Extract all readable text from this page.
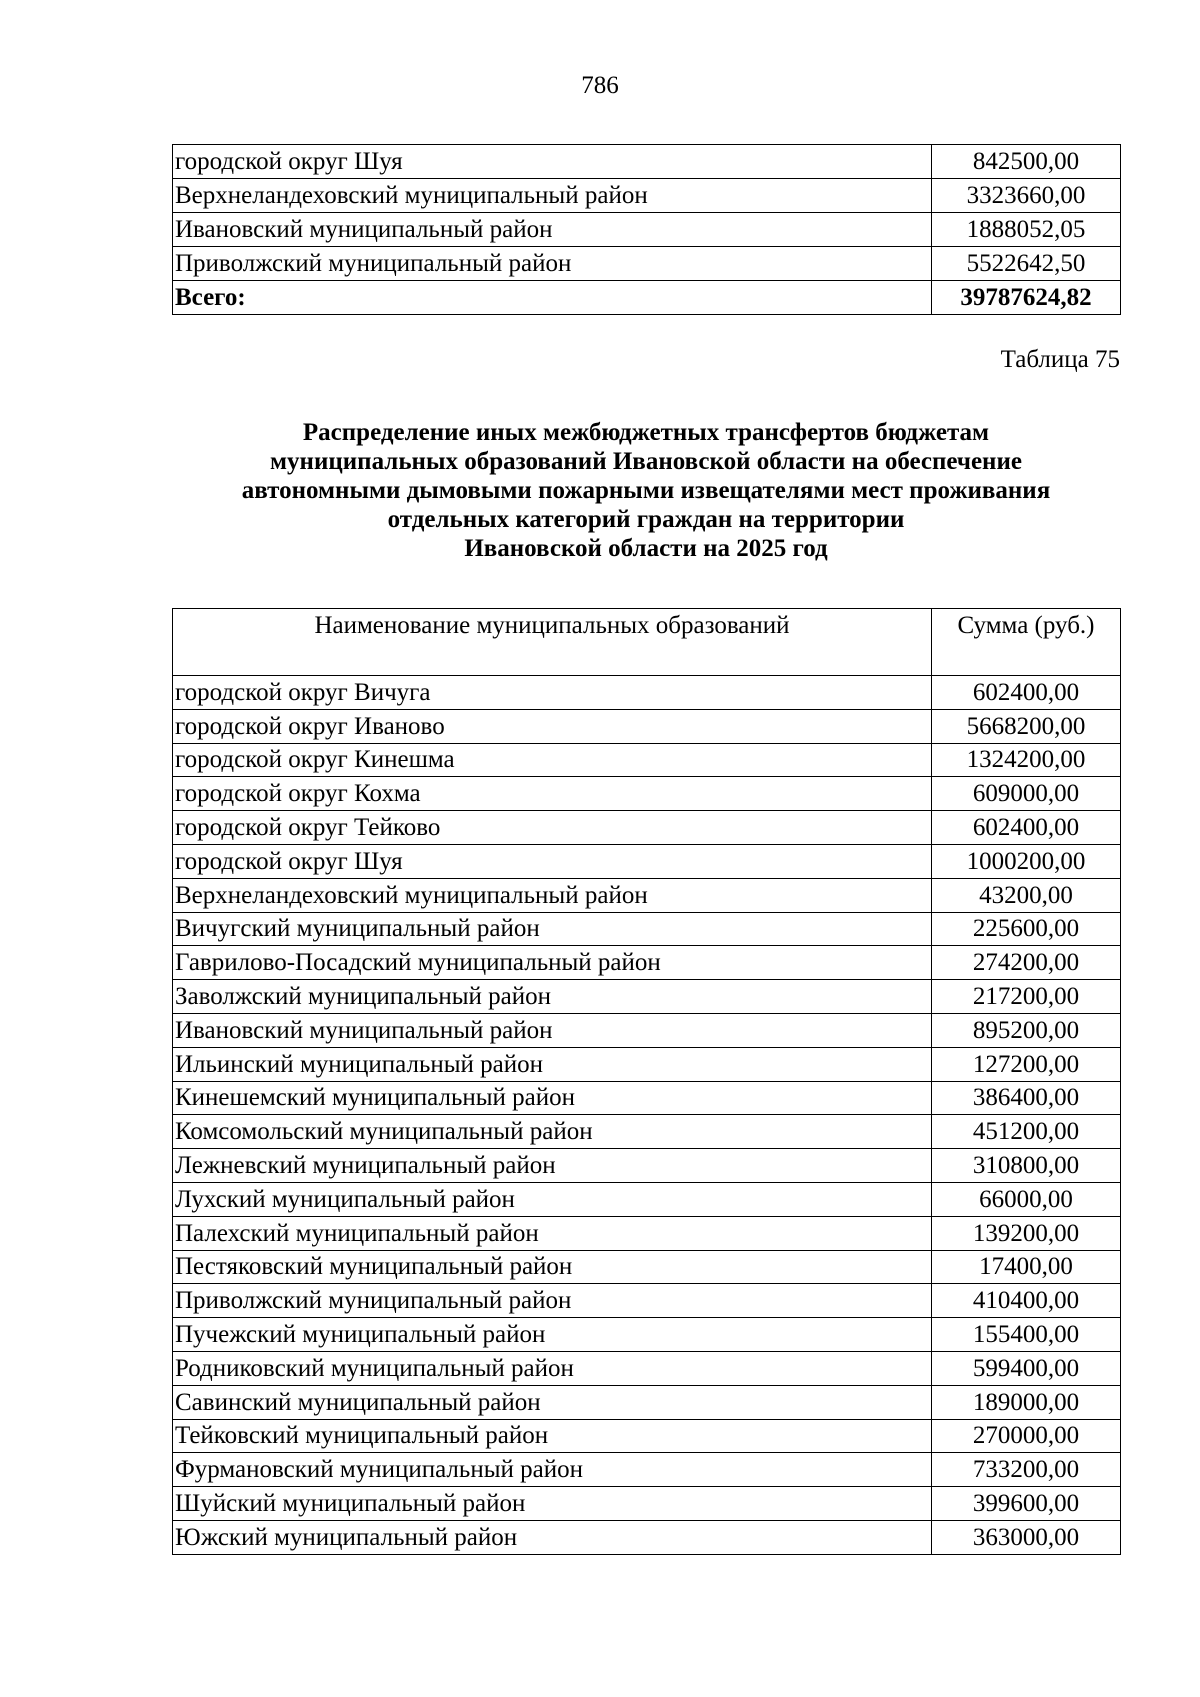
786
городской округ Шуя	842500,00
Верхнеландеховский муниципальный район	3323660,00
Ивановский муниципальный район	1888052,05
Приволжский муниципальный район	5522642,50
Всего:	39787624,82
Таблица 75
Распределение иных межбюджетных трансфертов бюджетам
муниципальных образований Ивановской области на обеспечение
автономными дымовыми пожарными извещателями мест проживания
отдельных категорий граждан на территории
Ивановской области на 2025 год
Наименование муниципальных образований	Сумма (руб.)
городской округ Вичуга	602400,00
городской округ Иваново	5668200,00
городской округ Кинешма	1324200,00
городской округ Кохма	609000,00
городской округ Тейково	602400,00
городской округ Шуя	1000200,00
Верхнеландеховский муниципальный район	43200,00
Вичугский муниципальный район	225600,00
Гаврилово-Посадский муниципальный район	274200,00
Заволжский муниципальный район	217200,00
Ивановский муниципальный район	895200,00
Ильинский муниципальный район	127200,00
Кинешемский муниципальный район	386400,00
Комсомольский муниципальный район	451200,00
Лежневский муниципальный район	310800,00
Лухский муниципальный район	66000,00
Палехский муниципальный район	139200,00
Пестяковский муниципальный район	17400,00
Приволжский муниципальный район	410400,00
Пучежский муниципальный район	155400,00
Родниковский муниципальный район	599400,00
Савинский муниципальный район	189000,00
Тейковский муниципальный район	270000,00
Фурмановский муниципальный район	733200,00
Шуйский муниципальный район	399600,00
Южский муниципальный район	363000,00
